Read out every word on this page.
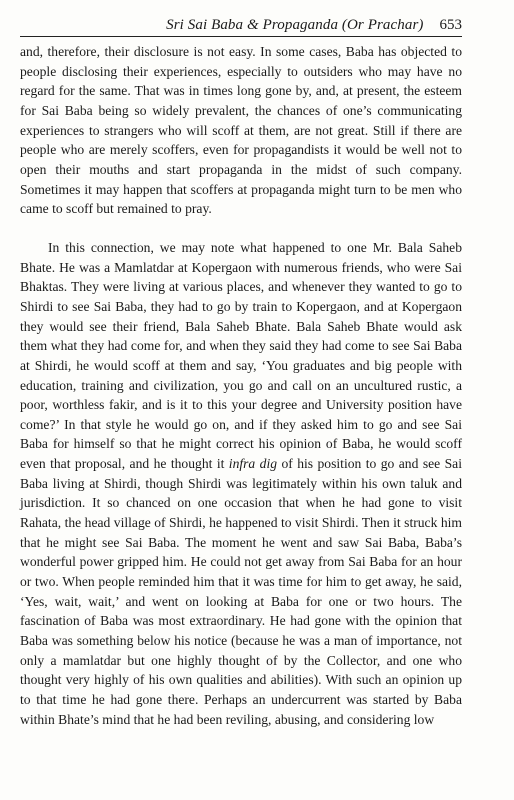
Sri Sai Baba & Propaganda (Or Prachar) 653

and, therefore, their disclosure is not easy. In some cases, Baba has objected to people disclosing their experiences, especially to outsiders who may have no regard for the same. That was in times long gone by, and, at present, the esteem for Sai Baba being so widely prevalent, the chances of one’s communicating experiences to strangers who will scoff at them, are not great. Still if there are people who are merely scoffers, even for propagandists it would be well not to open their mouths and start propaganda in the midst of such company. Sometimes it may happen that scoffers at propaganda might turn to be men who came to scoff but remained to pray.

In this connection, we may note what happened to one Mr. Bala Saheb Bhate. He was a Mamlatdar at Kopergaon with numerous friends, who were Sai Bhaktas. They were living at various places, and whenever they wanted to go to Shirdi to see Sai Baba, they had to go by train to Kopergaon, and at Kopergaon they would see their friend, Bala Saheb Bhate. Bala Saheb Bhate would ask them what they had come for, and when they said they had come to see Sai Baba at Shirdi, he would scoff at them and say, ‘You graduates and big people with education, training and civilization, you go and call on an uncultured rustic, a poor, worthless fakir, and is it to this your degree and University position have come?’ In that style he would go on, and if they asked him to go and see Sai Baba for himself so that he might correct his opinion of Baba, he would scoff even that proposal, and he thought it infra dig of his position to go and see Sai Baba living at Shirdi, though Shirdi was legitimately within his own taluk and jurisdiction. It so chanced on one occasion that when he had gone to visit Rahata, the head village of Shirdi, he happened to visit Shirdi. Then it struck him that he might see Sai Baba. The moment he went and saw Sai Baba, Baba’s wonderful power gripped him. He could not get away from Sai Baba for an hour or two. When people reminded him that it was time for him to get away, he said, ‘Yes, wait, wait,’ and went on looking at Baba for one or two hours. The fascination of Baba was most extraordinary. He had gone with the opinion that Baba was something below his notice (because he was a man of importance, not only a mamlatdar but one highly thought of by the Collector, and one who thought very highly of his own qualities and abilities). With such an opinion up to that time he had gone there. Perhaps an undercurrent was started by Baba within Bhate’s mind that he had been reviling, abusing, and considering low
